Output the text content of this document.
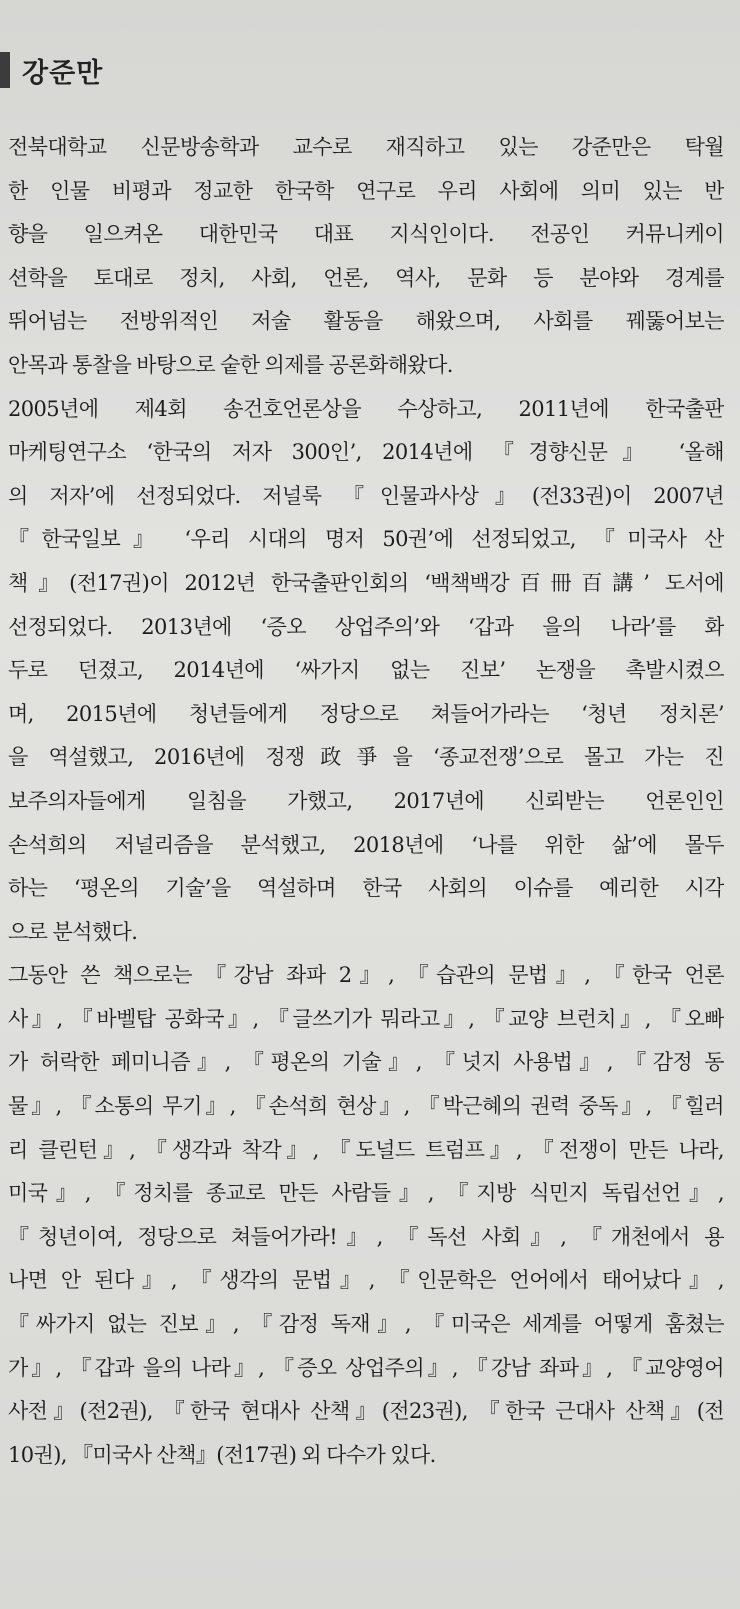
강준만

전북대학교 신문방송학과 교수로 재직하고 있는 강준만은 탁월
한 인물 비평과 정교한 한국학 연구로 우리 사회에 의미 있는 반
향을 일으켜온 대한민국 대표 지식인이다. 전공인 커뮤니케이
션학을 토대로 정치, 사회, 언론, 역사, 문화 등 분야와 경계를
뛰어넘는 전방위적인 저술 활동을 해왔으며, 사회를 꿰뚫어보는
안목과 통찰을 바탕으로 숱한 의제를 공론화해왔다.

2005년에 제4회 송건호언론상을 수상하고, 2011년에 한국출판
마케팅연구소 ‘한국의 저자 300인’, 2014년에 『경향신문』 ‘올해
의 저자’에 선정되었다. 저널룩 『인물과사상』(전33권)이 2007년
『한국일보』 ‘우리 시대의 명저 50권’에 선정되었고, 『미국사 산
책』(전17권)이 2012년 한국출판인회의 ‘백책백강百冊百講’ 도서에
선정되었다. 2013년에 ‘증오 상업주의’와 ‘갑과 을의 나라’를 화
두로 던졌고, 2014년에 ‘싸가지 없는 진보’ 논쟁을 촉발시켰으
며, 2015년에 청년들에게 정당으로 쳐들어가라는 ‘청년 정치론’
을 역설했고, 2016년에 정쟁政爭을 ‘종교전쟁’으로 몰고 가는 진
보주의자들에게 일침을 가했고, 2017년에 신뢰받는 언론인인
손석희의 저널리즘을 분석했고, 2018년에 ‘나를 위한 삶’에 몰두
하는 ‘평온의 기술’을 역설하며 한국 사회의 이슈를 예리한 시각
으로 분석했다.

그동안 쓴 책으로는 『강남 좌파 2』, 『습관의 문법』, 『한국 언론
사』, 『바벨탑 공화국』, 『글쓰기가 뭐라고』, 『교양 브런치』, 『오빠
가 허락한 페미니즘』, 『평온의 기술』, 『넛지 사용법』, 『감정 동
물』, 『소통의 무기』, 『손석희 현상』, 『박근혜의 권력 중독』, 『힐러
리 클린턴』, 『생각과 착각』, 『도널드 트럼프』, 『전쟁이 만든 나라,
미국』, 『정치를 종교로 만든 사람들』, 『지방 식민지 독립선언』,
『청년이여, 정당으로 쳐들어가라!』, 『독선 사회』, 『개천에서 용
나면 안 된다』, 『생각의 문법』, 『인문학은 언어에서 태어났다』,
『싸가지 없는 진보』, 『감정 독재』, 『미국은 세계를 어떻게 훔쳤는
가』, 『갑과 을의 나라』, 『증오 상업주의』, 『강남 좌파』, 『교양영어
사전』(전2권), 『한국 현대사 산책』(전23권), 『한국 근대사 산책』(전
10권), 『미국사 산책』(전17권) 외 다수가 있다.
